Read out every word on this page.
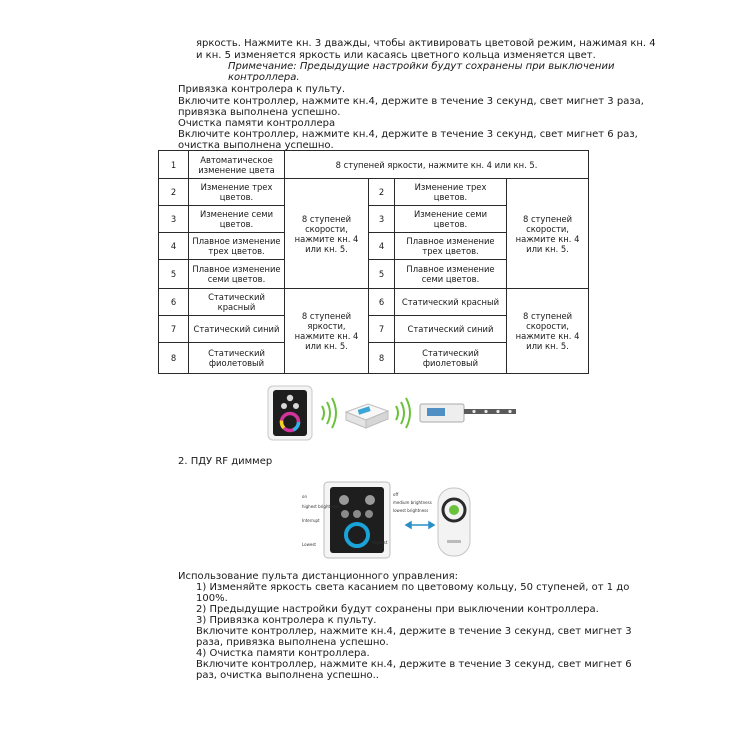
яркость. Нажмите кн. 3 дважды, чтобы активировать цветовой режим, нажимая кн. 4
и кн. 5 изменяется яркость или касаясь цветного кольца изменяется цвет.
Примечание: Предыдущие настройки будут сохранены при выключении
контроллера.
Привязка контролера к пульту.
Включите контроллер, нажмите кн.4, держите в течение 3 секунд, свет мигнет 3 раза,
привязка выполнена успешно.
Очистка памяти контроллера
Включите контроллер, нажмите кн.4, держите в течение 3 секунд, свет мигнет 6 раз,
очистка выполнена успешно.
1	Автоматическое изменение цвета	8 ступеней яркости, нажмите кн. 4 или кн. 5.			
2	Изменение трех цветов.	8 ступеней скорости, нажмите кн. 4 или кн. 5.	2	Изменение трех цветов.	8 ступеней скорости, нажмите кн. 4 или кн. 5.
3	Изменение семи цветов.		3	Изменение семи цветов.	
4	Плавное изменение трех цветов.		4	Плавное изменение трех цветов.	
5	Плавное изменение семи цветов.		5	Плавное изменение семи цветов.	
6	Статический красный	8 ступеней яркости, нажмите кн. 4 или кн. 5.	6	Статический красный	8 ступеней скорости, нажмите кн. 4 или кн. 5.
7	Статический синий		7	Статический синий	
8	Статический фиолетовый		8	Статический фиолетовый	
2. ПДУ RF диммер
on
highest brightness
Interrupt
Lowest
off
medium brightness
lowest brightness
Highest
Использование пульта дистанционного управления:
1) Изменяйте яркость света касанием по цветовому кольцу, 50 ступеней, от 1 до
100%.
2) Предыдущие настройки будут сохранены при выключении контроллера.
3) Привязка контролера к пульту.
Включите контроллер, нажмите кн.4, держите в течение 3 секунд, свет мигнет 3
раза, привязка выполнена успешно.
4) Очистка памяти контроллера.
Включите контроллер, нажмите кн.4, держите в течение 3 секунд, свет мигнет 6
раз, очистка выполнена успешно..
